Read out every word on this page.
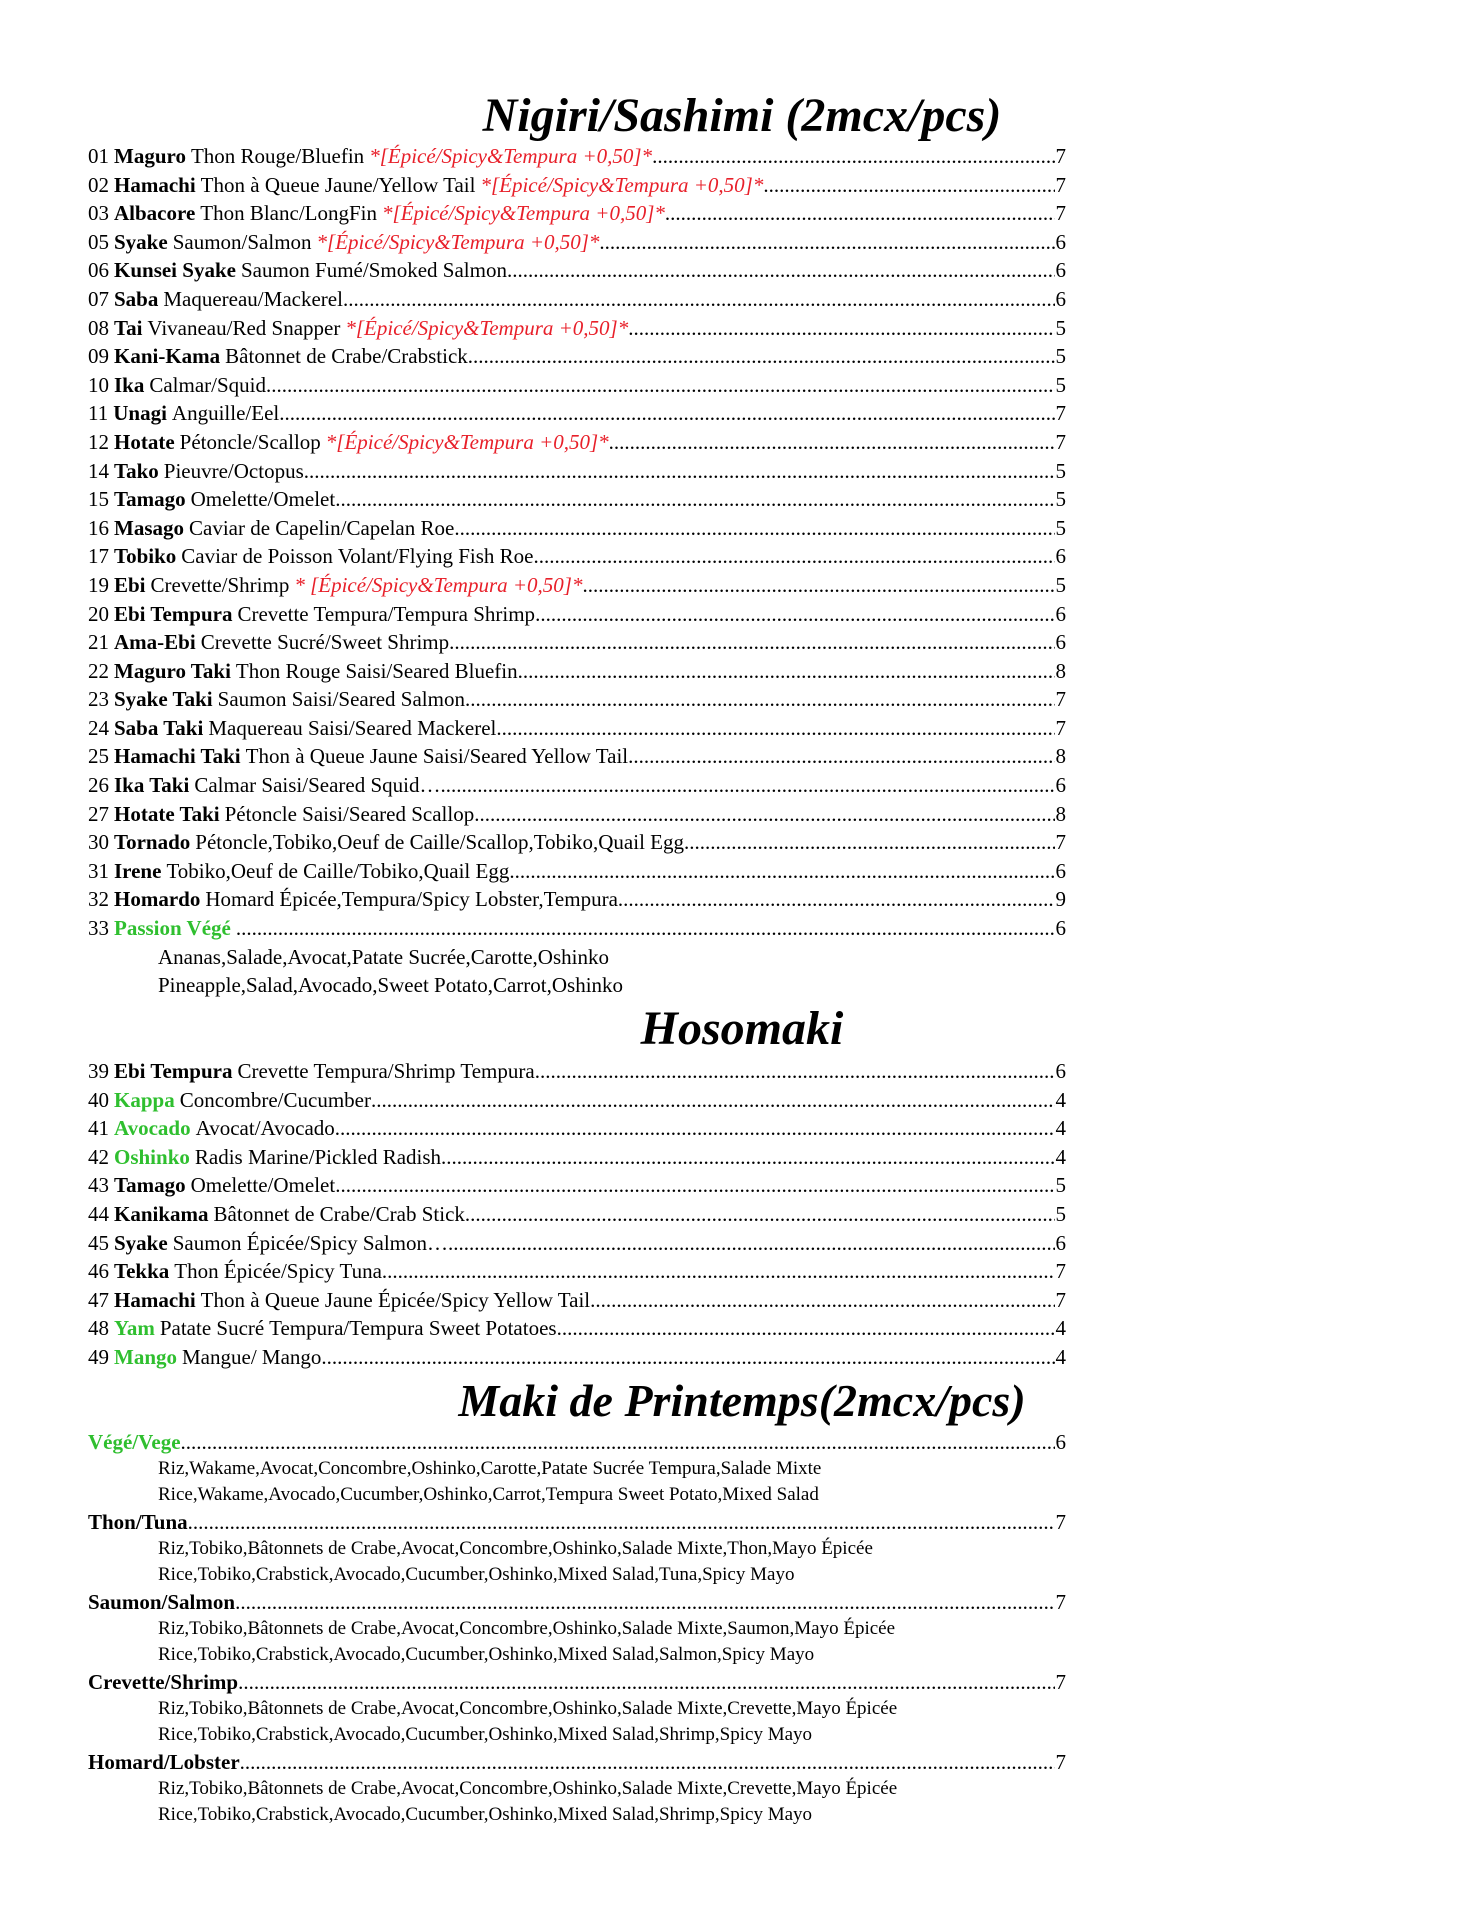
Nigiri/Sashimi (2mcx/pcs)
01 Maguro Thon Rouge/Bluefin *[Épicé/Spicy&Tempura +0,50]* .....	7
02 Hamachi Thon à Queue Jaune/Yellow Tail *[Épicé/Spicy&Tempura +0,50]* .....	7
03 Albacore Thon Blanc/LongFin *[Épicé/Spicy&Tempura +0,50]* .....	7
05 Syake Saumon/Salmon *[Épicé/Spicy&Tempura +0,50]* .....	6
06 Kunsei Syake Saumon Fumé/Smoked Salmon .....	6
07 Saba Maquereau/Mackerel .....	6
08 Tai Vivaneau/Red Snapper *[Épicé/Spicy&Tempura +0,50]* .....	5
09 Kani-Kama Bâtonnet de Crabe/Crabstick .....	5
10 Ika Calmar/Squid .....	5
11 Unagi Anguille/Eel .....	7
12 Hotate Pétoncle/Scallop *[Épicé/Spicy&Tempura +0,50]* .....	7
14 Tako Pieuvre/Octopus .....	5
15 Tamago Omelette/Omelet .....	5
16 Masago Caviar de Capelin/Capelan Roe .....	5
17 Tobiko Caviar de Poisson Volant/Flying Fish Roe .....	6
19 Ebi Crevette/Shrimp * [Épicé/Spicy&Tempura +0,50]* .....	5
20 Ebi Tempura Crevette Tempura/Tempura Shrimp .....	6
21 Ama-Ebi Crevette Sucré/Sweet Shrimp .....	6
22 Maguro Taki Thon Rouge Saisi/Seared Bluefin .....	8
23 Syake Taki Saumon Saisi/Seared Salmon .....	7
24 Saba Taki Maquereau Saisi/Seared Mackerel .....	7
25 Hamachi Taki Thon à Queue Jaune Saisi/Seared Yellow Tail .....	8
26 Ika Taki Calmar Saisi/Seared Squid… .....	6
27 Hotate Taki Pétoncle Saisi/Seared Scallop .....	8
30 Tornado Pétoncle,Tobiko,Oeuf de Caille/Scallop,Tobiko,Quail Egg .....	7
31 Irene Tobiko,Oeuf de Caille/Tobiko,Quail Egg .....	6
32 Homardo Homard Épicée,Tempura/Spicy Lobster,Tempura .....	9
33 Passion Végé .....	6
Ananas,Salade,Avocat,Patate Sucrée,Carotte,Oshinko
Pineapple,Salad,Avocado,Sweet Potato,Carrot,Oshinko
Hosomaki
39 Ebi Tempura Crevette Tempura/Shrimp Tempura .....	6
40 Kappa Concombre/Cucumber .....	4
41 Avocado Avocat/Avocado .....	4
42 Oshinko Radis Marine/Pickled Radish .....	4
43 Tamago Omelette/Omelet .....	5
44 Kanikama Bâtonnet de Crabe/Crab Stick .....	5
45 Syake Saumon Épicée/Spicy Salmon… .....	6
46 Tekka Thon Épicée/Spicy Tuna .....	7
47 Hamachi Thon à Queue Jaune Épicée/Spicy Yellow Tail .....	7
48 Yam Patate Sucré Tempura/Tempura Sweet Potatoes .....	4
49 Mango Mangue/ Mango .....	4
Maki de Printemps(2mcx/pcs)
Végé/Vege .....	6
Riz,Wakame,Avocat,Concombre,Oshinko,Carotte,Patate Sucrée Tempura,Salade Mixte
Rice,Wakame,Avocado,Cucumber,Oshinko,Carrot,Tempura Sweet Potato,Mixed Salad
Thon/Tuna .....	7
Riz,Tobiko,Bâtonnets de Crabe,Avocat,Concombre,Oshinko,Salade Mixte,Thon,Mayo Épicée
Rice,Tobiko,Crabstick,Avocado,Cucumber,Oshinko,Mixed Salad,Tuna,Spicy Mayo
Saumon/Salmon .....	7
Riz,Tobiko,Bâtonnets de Crabe,Avocat,Concombre,Oshinko,Salade Mixte,Saumon,Mayo Épicée
Rice,Tobiko,Crabstick,Avocado,Cucumber,Oshinko,Mixed Salad,Salmon,Spicy Mayo
Crevette/Shrimp .....	7
Riz,Tobiko,Bâtonnets de Crabe,Avocat,Concombre,Oshinko,Salade Mixte,Crevette,Mayo Épicée
Rice,Tobiko,Crabstick,Avocado,Cucumber,Oshinko,Mixed Salad,Shrimp,Spicy Mayo
Homard/Lobster .....	7
Riz,Tobiko,Bâtonnets de Crabe,Avocat,Concombre,Oshinko,Salade Mixte,Crevette,Mayo Épicée
Rice,Tobiko,Crabstick,Avocado,Cucumber,Oshinko,Mixed Salad,Shrimp,Spicy Mayo
